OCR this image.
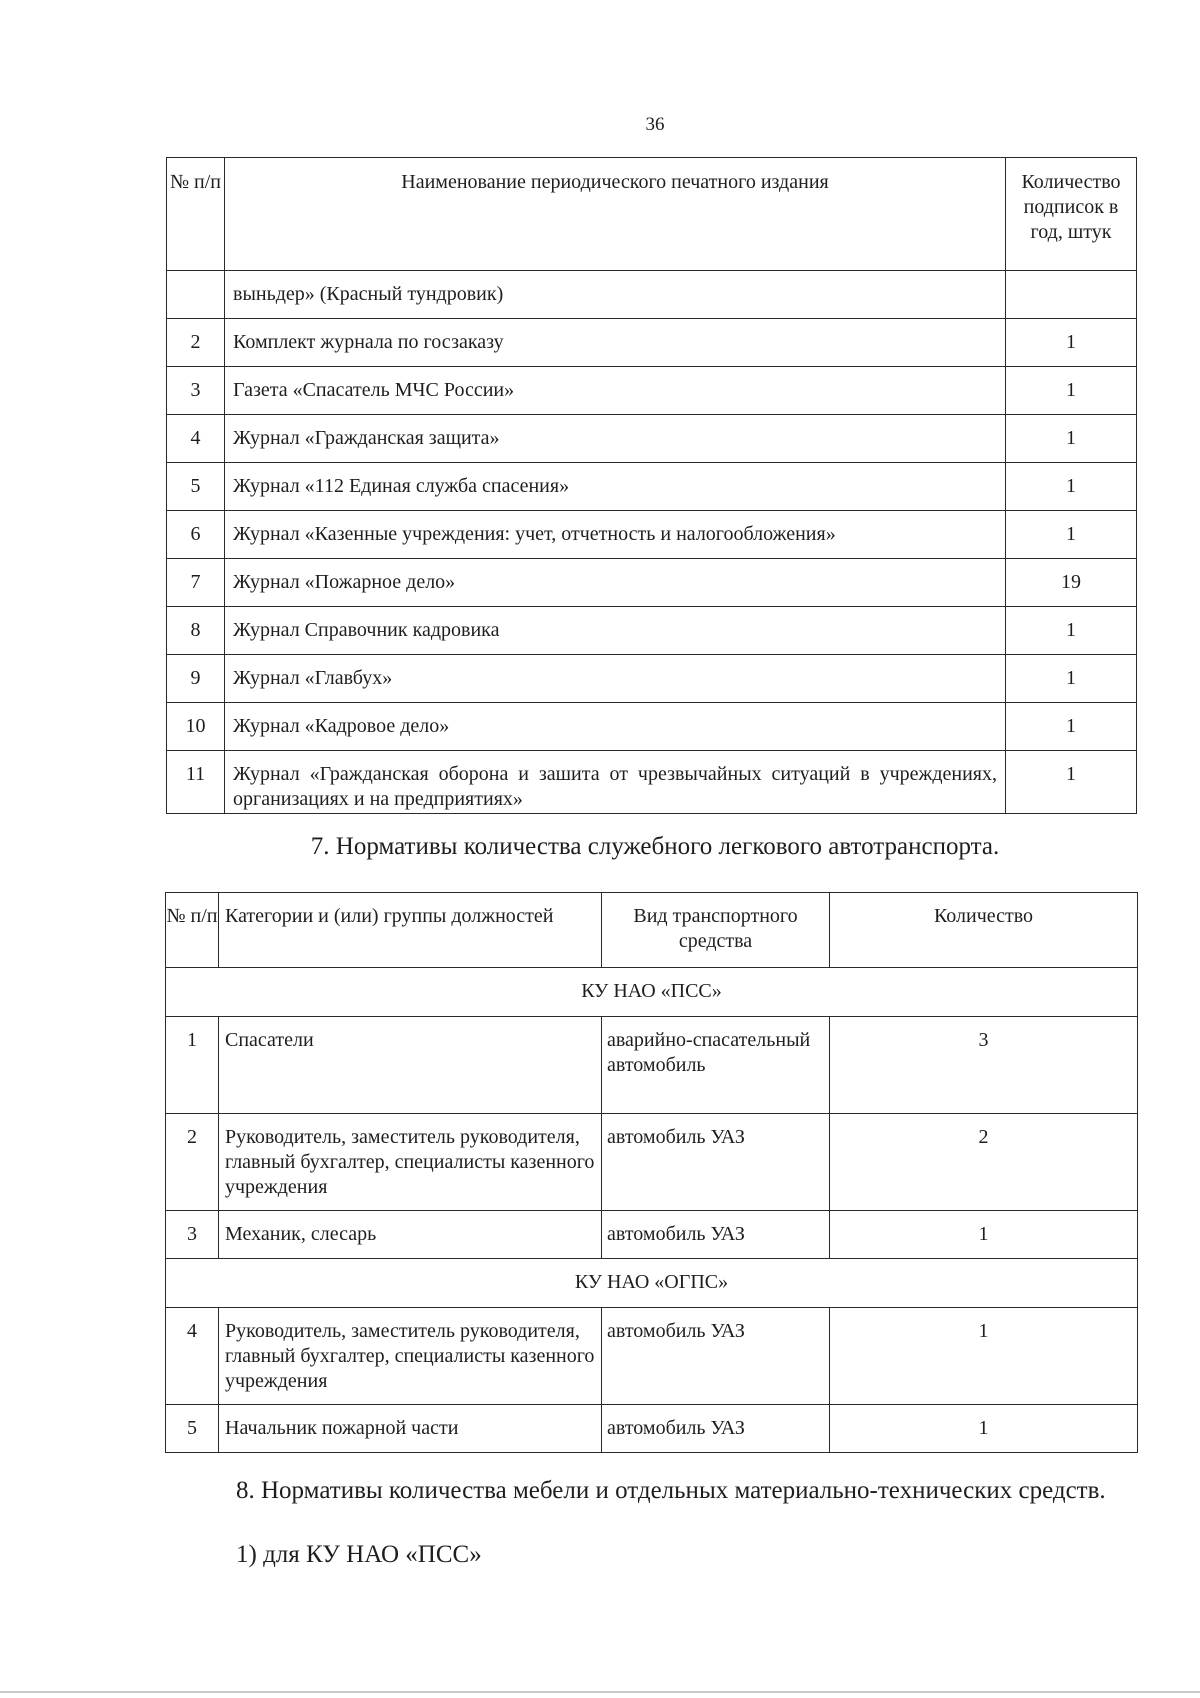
36
№ п/п	Наименование периодического печатного издания	Количество подписок в год, штук
	выньдер» (Красный тундровик)	
2	Комплект журнала по госзаказу	1
3	Газета «Спасатель МЧС России»	1
4	Журнал «Гражданская защита»	1
5	Журнал «112 Единая служба спасения»	1
6	Журнал «Казенные учреждения: учет, отчетность и налогообложения»	1
7	Журнал «Пожарное дело»	19
8	Журнал Справочник кадровика	1
9	Журнал «Главбух»	1
10	Журнал «Кадровое дело»	1
11	Журнал «Гражданская оборона и зашита от чрезвычайных ситуаций в учреждениях, организациях и на предприятиях»	1
7. Нормативы количества служебного легкового автотранспорта.
№ п/п	Категории и (или) группы должностей	Вид транспортного средства	Количество
КУ НАО «ПСС»			
1	Спасатели	аварийно-спасательный автомобиль	3
2	Руководитель, заместитель руководителя, главный бухгалтер, специалисты казенного учреждения	автомобиль УАЗ	2
3	Механик, слесарь	автомобиль УАЗ	1
КУ НАО «ОГПС»			
4	Руководитель, заместитель руководителя, главный бухгалтер, специалисты казенного учреждения	автомобиль УАЗ	1
5	Начальник пожарной части	автомобиль УАЗ	1
8. Нормативы количества мебели и отдельных материально-технических средств.
1) для КУ НАО «ПСС»
